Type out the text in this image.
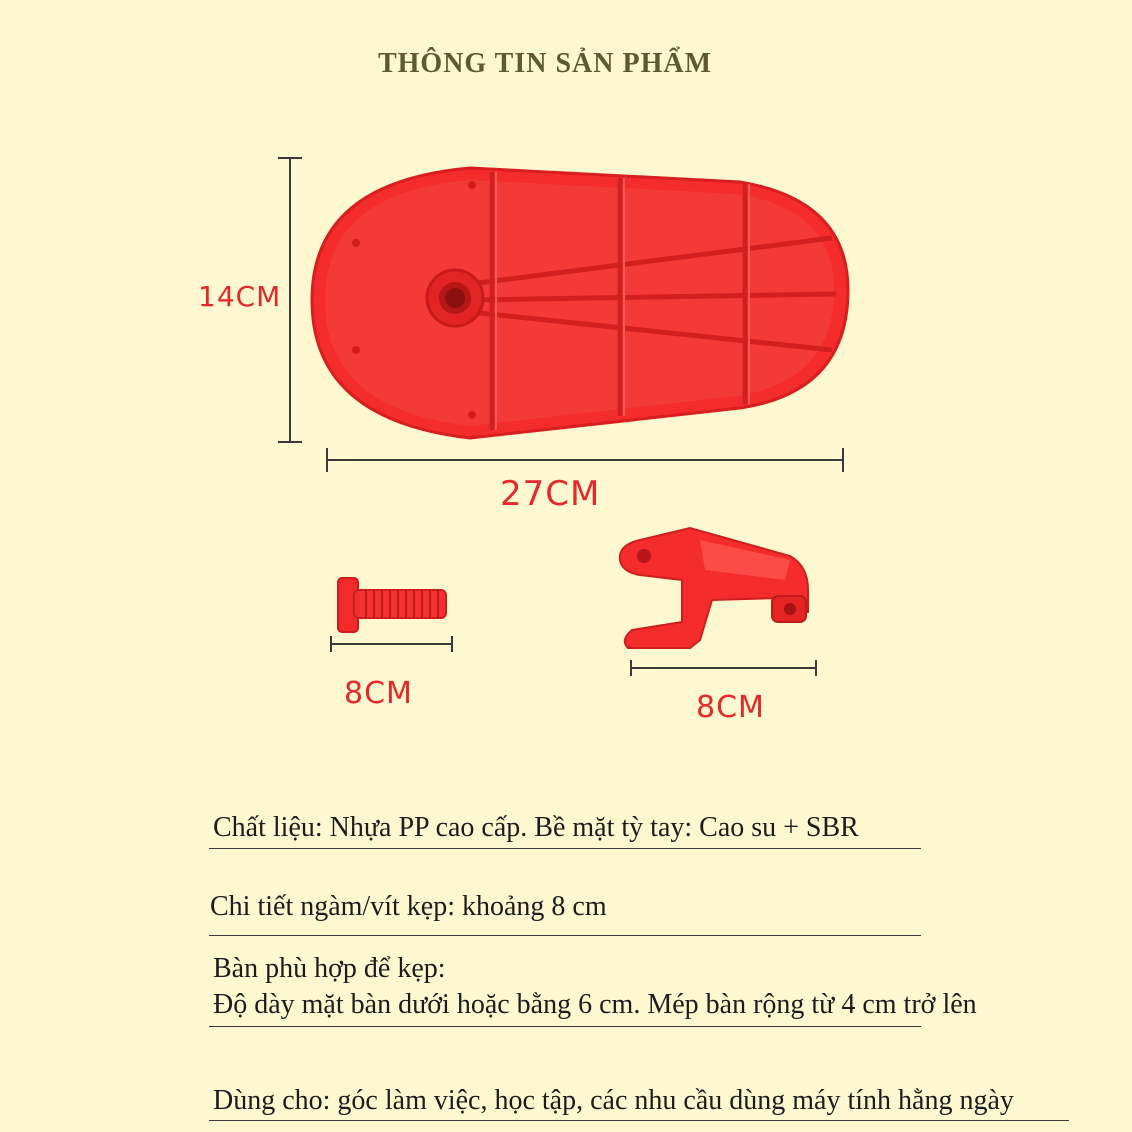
THÔNG TIN SẢN PHẨM
14CM
27CM
8CM	8CM
Chất liệu: Nhựa PP cao cấp. Bề mặt tỳ tay: Cao su + SBR
Chi tiết ngàm/vít kẹp: khoảng 8 cm
Bàn phù hợp để kẹp:
Độ dày mặt bàn dưới hoặc bằng 6 cm. Mép bàn rộng từ 4 cm trở lên
Dùng cho: góc làm việc, học tập, các nhu cầu dùng máy tính hằng ngày
